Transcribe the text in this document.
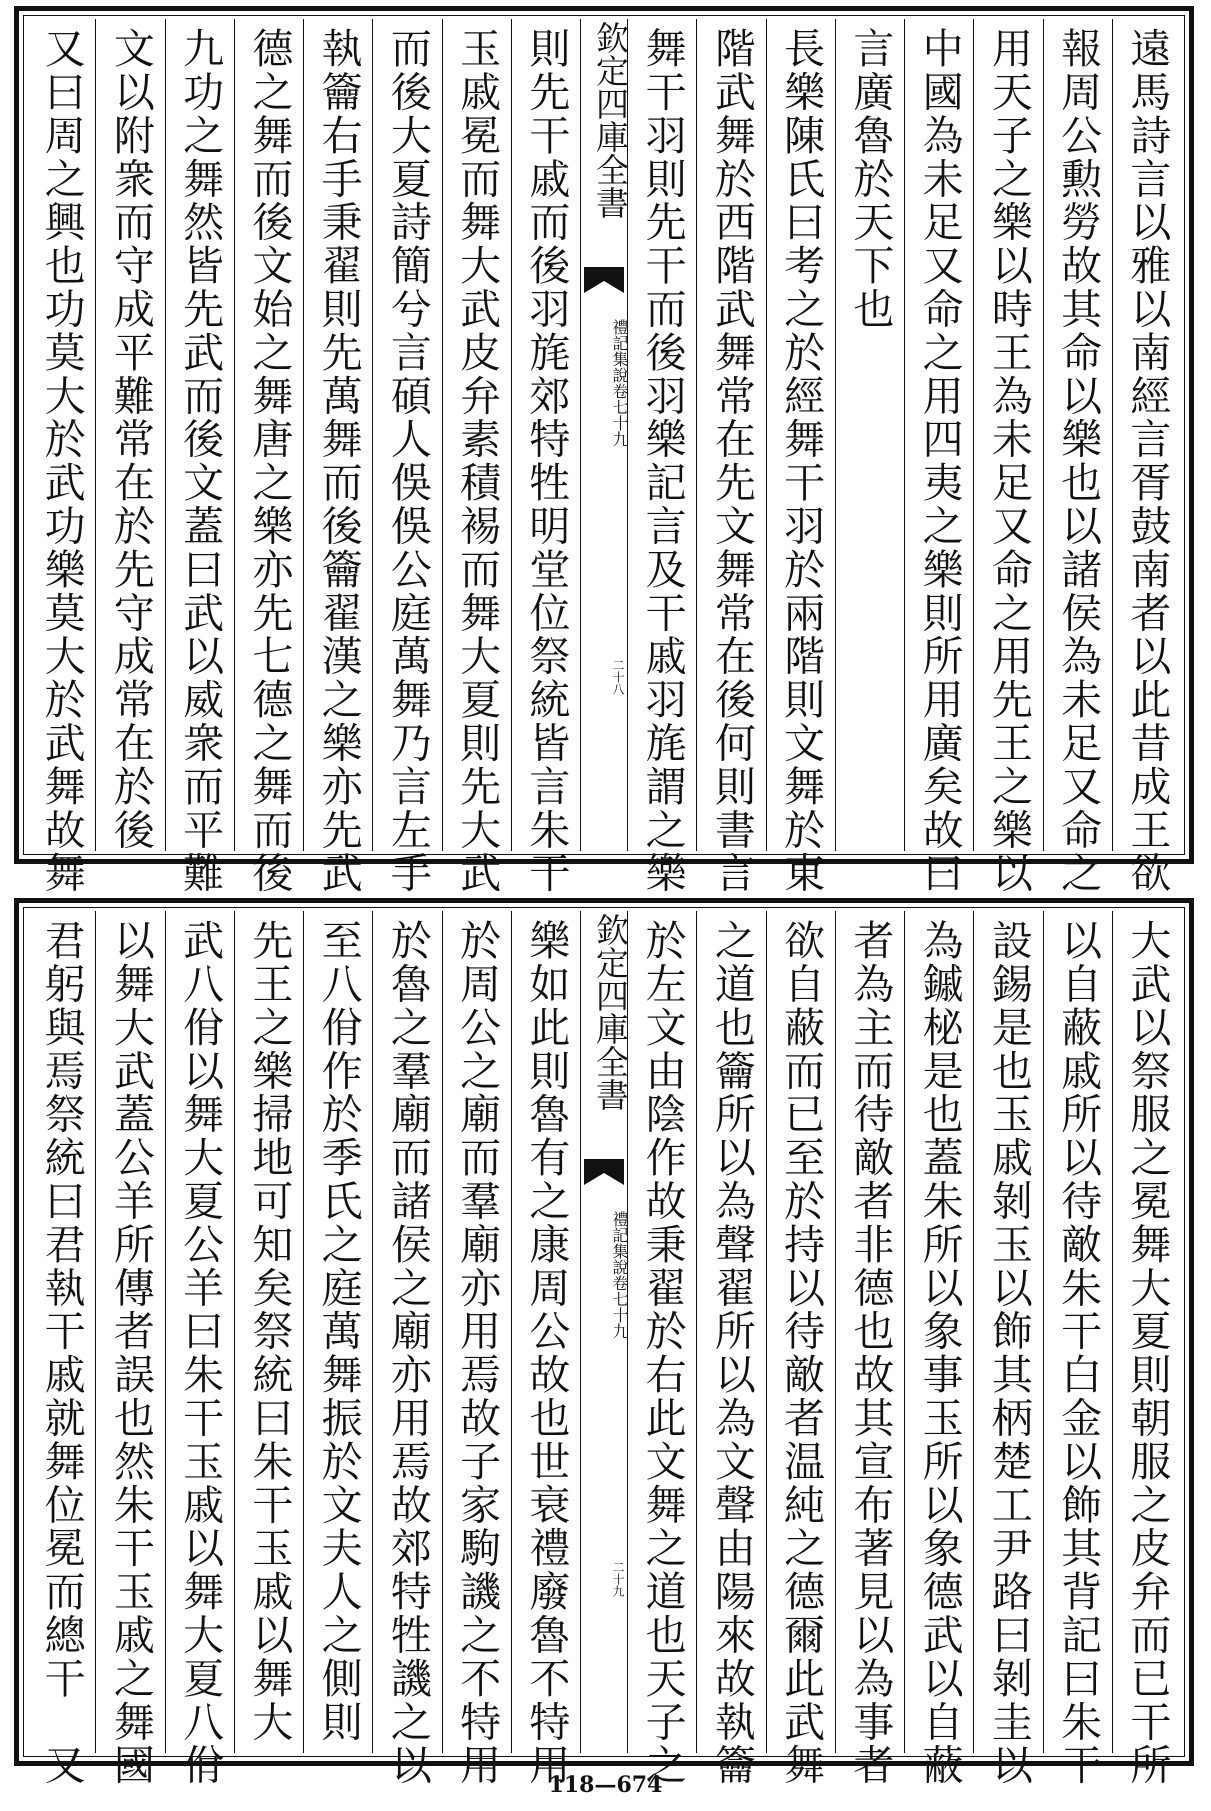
遠馬詩言以雅以南經言胥鼓南者以此昔成王欲
報周公勲勞故其命以樂也以諸侯為未足又命之
用天子之樂以時王為未足又命之用先王之樂以
中國為未足又命之用四夷之樂則所用廣矣故曰
言廣魯於天下也
長樂陳氏曰考之於經舞干羽於兩階則文舞於東
階武舞於西階武舞常在先文舞常在後何則書言
舞干羽則先干而後羽樂記言及干戚羽旄謂之樂
欽定四庫全書
禮記集說
卷七十九
二十八
則先干戚而後羽旄郊特牲明堂位祭統皆言朱干
玉戚冕而舞大武皮弁素積裼而舞大夏則先大武
而後大夏詩簡兮言碩人俁俁公庭萬舞乃言左手
執籥右手秉翟則先萬舞而後籥翟漢之樂亦先武
德之舞而後文始之舞唐之樂亦先七德之舞而後
九功之舞然皆先武而後文蓋曰武以威衆而平難
文以附衆而守成平難常在於先守成常在於後
又曰周之興也功莫大於武功樂莫大於武舞故舞
大武以祭服之冕舞大夏則朝服之皮弁而已干所
以自蔽戚所以待敵朱干白金以飾其背記曰朱干
設錫是也玉戚剝玉以飾其柄楚工尹路曰剝圭以
為鏚柲是也蓋朱所以象事玉所以象德武以自蔽
者為主而待敵者非德也故其宣布著見以為事者
欲自蔽而已至於持以待敵者温純之德爾此武舞
之道也籥所以為聲翟所以為文聲由陽來故執籥
於左文由陰作故秉翟於右此文舞之道也天子之
欽定四庫全書
禮記集說
卷七十九
二十九
樂如此則魯有之康周公故也世衰禮廢魯不特用
於周公之廟而羣廟亦用焉故子家駒譏之不特用
於魯之羣廟而諸侯之廟亦用焉故郊特牲譏之以
至八佾作於季氏之庭萬舞振於文夫人之側則
先王之樂掃地可知矣祭統曰朱干玉戚以舞大
武八佾以舞大夏公羊曰朱干玉戚以舞大夏八佾
以舞大武蓋公羊所傳者誤也然朱干玉戚之舞國
君躬與焉祭統曰君執干戚就舞位冕而總干　又	118—674
